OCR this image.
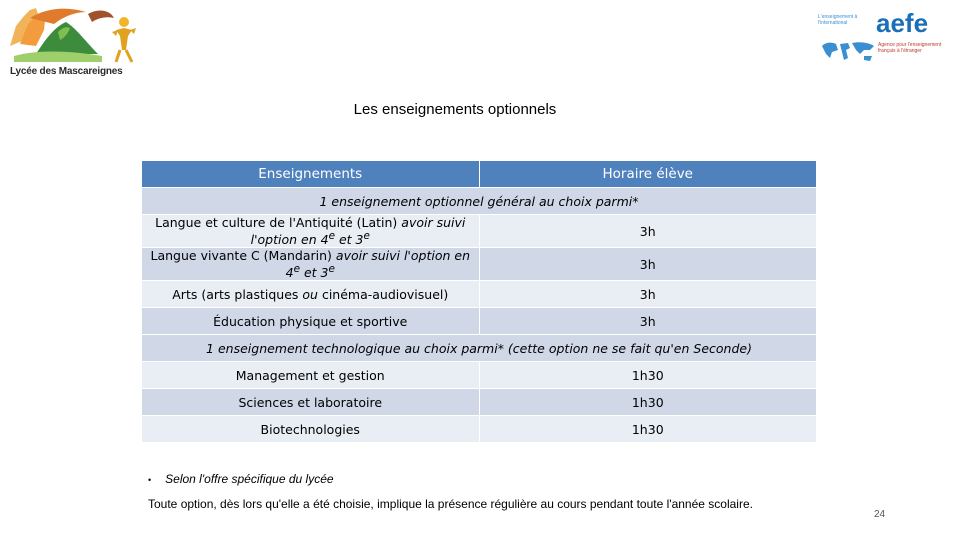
Lycée des Mascareignes
L'enseignement à l'international	aefe
Agence pour l'enseignement français à l'étranger
Les enseignements optionnels
Enseignements	Horaire élève
1 enseignement optionnel général au choix parmi*	
Langue et culture de l'Antiquité (Latin) avoir suivi l'option en 4e et 3e	3h
Langue vivante C (Mandarin) avoir suivi l'option en 4e et 3e	3h
Arts (arts plastiques ou cinéma-audiovisuel)	3h
Éducation physique et sportive	3h
1 enseignement technologique au choix parmi* (cette option ne se fait qu'en Seconde)	
Management et gestion	1h30
Sciences et laboratoire	1h30
Biotechnologies	1h30
• Selon l'offre spécifique du lycée
Toute option, dès lors qu'elle a été choisie, implique la présence régulière au cours pendant toute l'année scolaire.
24
